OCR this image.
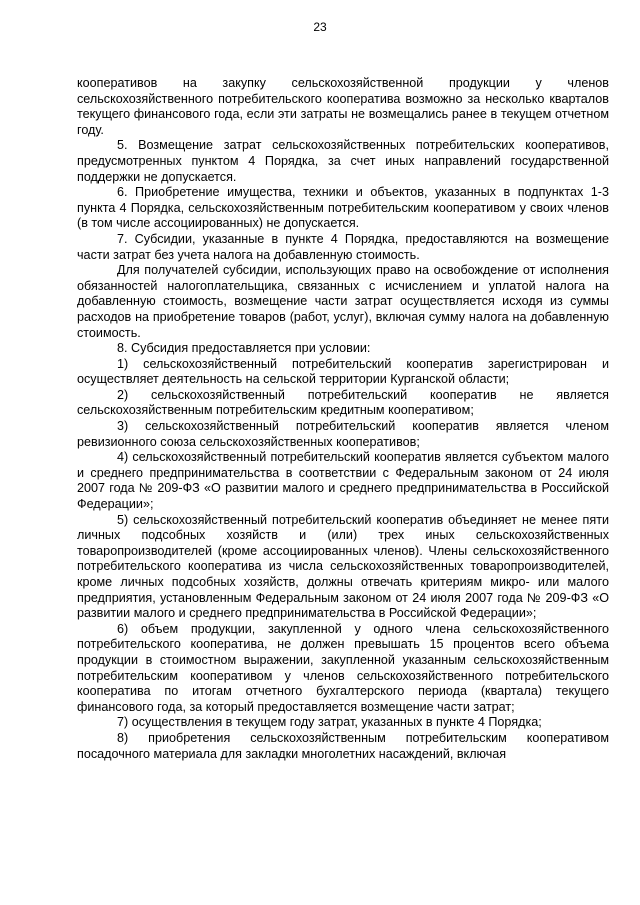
23

кооперативов на закупку сельскохозяйственной продукции у членов сельскохозяйственного потребительского кооператива возможно за несколько кварталов текущего финансового года, если эти затраты не возмещались ранее в текущем отчетном году.

5. Возмещение затрат сельскохозяйственных потребительских кооперативов, предусмотренных пунктом 4 Порядка, за счет иных направлений государственной поддержки не допускается.

6. Приобретение имущества, техники и объектов, указанных в подпунктах 1-3 пункта 4 Порядка, сельскохозяйственным потребительским кооперативом у своих членов (в том числе ассоциированных) не допускается.

7. Субсидии, указанные в пункте 4 Порядка, предоставляются на возмещение части затрат без учета налога на добавленную стоимость.

Для получателей субсидии, использующих право на освобождение от исполнения обязанностей налогоплательщика, связанных с исчислением и уплатой налога на добавленную стоимость, возмещение части затрат осуществляется исходя из суммы расходов на приобретение товаров (работ, услуг), включая сумму налога на добавленную стоимость.

8. Субсидия предоставляется при условии:

1) сельскохозяйственный потребительский кооператив зарегистрирован и осуществляет деятельность на сельской территории Курганской области;

2) сельскохозяйственный потребительский кооператив не является сельскохозяйственным потребительским кредитным кооперативом;

3) сельскохозяйственный потребительский кооператив является членом ревизионного союза сельскохозяйственных кооперативов;

4) сельскохозяйственный потребительский кооператив является субъектом малого и среднего предпринимательства в соответствии с Федеральным законом от 24 июля 2007 года № 209-ФЗ «О развитии малого и среднего предпринимательства в Российской Федерации»;

5) сельскохозяйственный потребительский кооператив объединяет не менее пяти личных подсобных хозяйств и (или) трех иных сельскохозяйственных товаропроизводителей (кроме ассоциированных членов). Члены сельскохозяйственного потребительского кооператива из числа сельскохозяйственных товаропроизводителей, кроме личных подсобных хозяйств, должны отвечать критериям микро- или малого предприятия, установленным Федеральным законом от 24 июля 2007 года № 209-ФЗ «О развитии малого и среднего предпринимательства в Российской Федерации»;

6) объем продукции, закупленной у одного члена сельскохозяйственного потребительского кооператива, не должен превышать 15 процентов всего объема продукции в стоимостном выражении, закупленной указанным сельскохозяйственным потребительским кооперативом у членов сельскохозяйственного потребительского кооператива по итогам отчетного бухгалтерского периода (квартала) текущего финансового года, за который предоставляется возмещение части затрат;

7) осуществления в текущем году затрат, указанных в пункте 4 Порядка;

8) приобретения сельскохозяйственным потребительским кооперативом посадочного материала для закладки многолетних насаждений, включая
